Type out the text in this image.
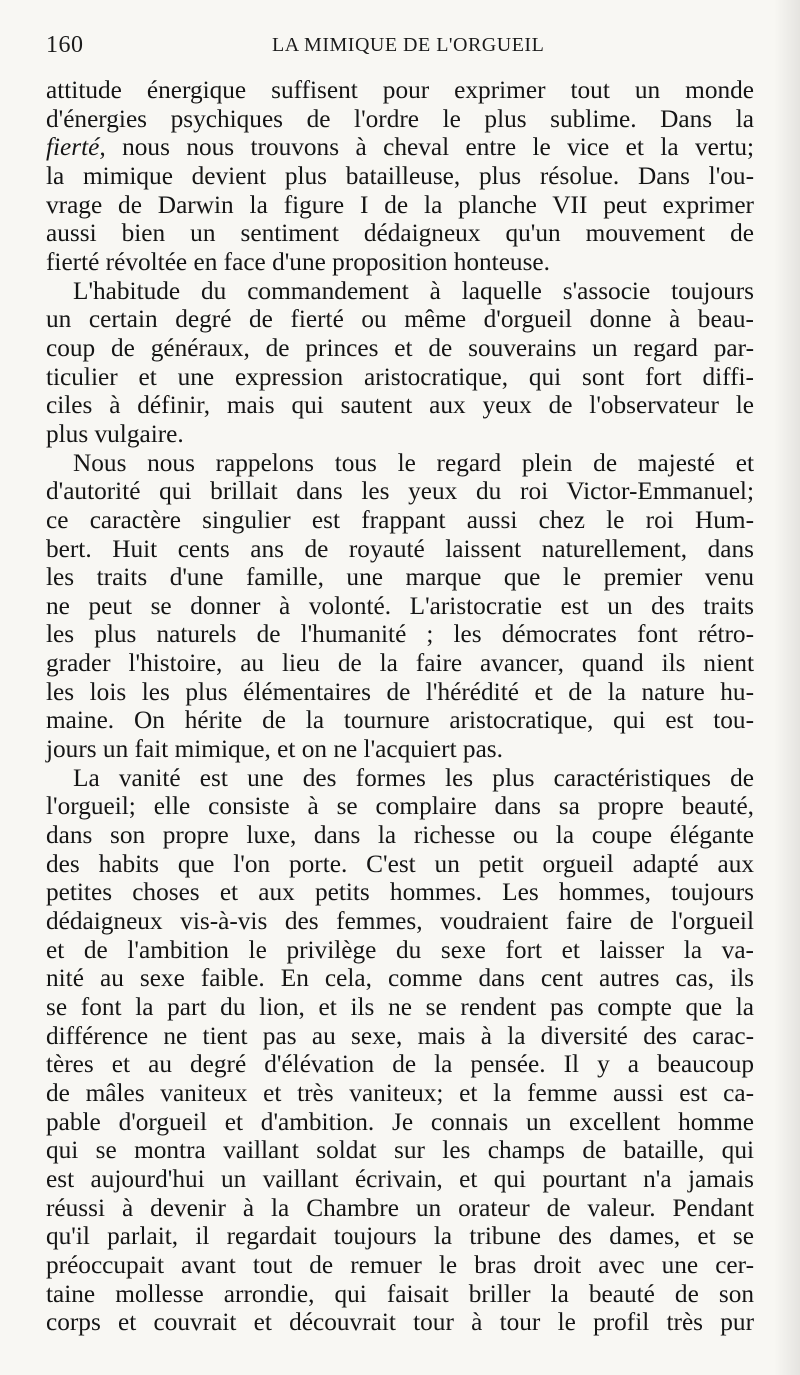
160	LA MIMIQUE DE L'ORGUEIL
attitude énergique suffisent pour exprimer tout un monde
d'énergies psychiques de l'ordre le plus sublime. Dans la
fierté, nous nous trouvons à cheval entre le vice et la vertu;
la mimique devient plus batailleuse, plus résolue. Dans l'ou-
vrage de Darwin la figure I de la planche VII peut exprimer
aussi bien un sentiment dédaigneux qu'un mouvement de
fierté révoltée en face d'une proposition honteuse.
L'habitude du commandement à laquelle s'associe toujours
un certain degré de fierté ou même d'orgueil donne à beau-
coup de généraux, de princes et de souverains un regard par-
ticulier et une expression aristocratique, qui sont fort diffi-
ciles à définir, mais qui sautent aux yeux de l'observateur le
plus vulgaire.
Nous nous rappelons tous le regard plein de majesté et
d'autorité qui brillait dans les yeux du roi Victor-Emmanuel;
ce caractère singulier est frappant aussi chez le roi Hum-
bert. Huit cents ans de royauté laissent naturellement, dans
les traits d'une famille, une marque que le premier venu
ne peut se donner à volonté. L'aristocratie est un des traits
les plus naturels de l'humanité ; les démocrates font rétro-
grader l'histoire, au lieu de la faire avancer, quand ils nient
les lois les plus élémentaires de l'hérédité et de la nature hu-
maine. On hérite de la tournure aristocratique, qui est tou-
jours un fait mimique, et on ne l'acquiert pas.
La vanité est une des formes les plus caractéristiques de
l'orgueil; elle consiste à se complaire dans sa propre beauté,
dans son propre luxe, dans la richesse ou la coupe élégante
des habits que l'on porte. C'est un petit orgueil adapté aux
petites choses et aux petits hommes. Les hommes, toujours
dédaigneux vis-à-vis des femmes, voudraient faire de l'orgueil
et de l'ambition le privilège du sexe fort et laisser la va-
nité au sexe faible. En cela, comme dans cent autres cas, ils
se font la part du lion, et ils ne se rendent pas compte que la
différence ne tient pas au sexe, mais à la diversité des carac-
tères et au degré d'élévation de la pensée. Il y a beaucoup
de mâles vaniteux et très vaniteux; et la femme aussi est ca-
pable d'orgueil et d'ambition. Je connais un excellent homme
qui se montra vaillant soldat sur les champs de bataille, qui
est aujourd'hui un vaillant écrivain, et qui pourtant n'a jamais
réussi à devenir à la Chambre un orateur de valeur. Pendant
qu'il parlait, il regardait toujours la tribune des dames, et se
préoccupait avant tout de remuer le bras droit avec une cer-
taine mollesse arrondie, qui faisait briller la beauté de son
corps et couvrait et découvrait tour à tour le profil très pur
